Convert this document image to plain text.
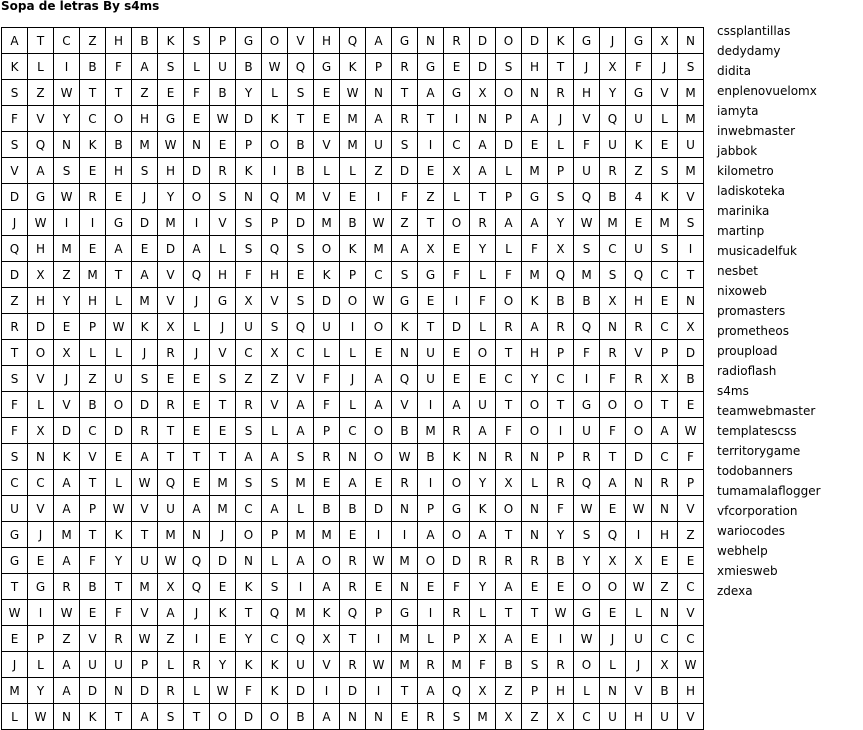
Sopa de letras By s4ms
A	T	C	Z	H	B	K	S	P	G	O	V	H	Q	A	G	N	R	D	O	D	K	G	J	G	X	N
K	L	I	B	F	A	S	L	U	B	W	Q	G	K	P	R	G	E	D	S	H	T	J	X	F	J	S
S	Z	W	T	T	Z	E	F	B	Y	L	S	E	W	N	T	A	G	X	O	N	R	H	Y	G	V	M
F	V	Y	C	O	H	G	E	W	D	K	T	E	M	A	R	T	I	N	P	A	J	V	Q	U	L	M
S	Q	N	K	B	M	W	N	E	P	O	B	V	M	U	S	I	C	A	D	E	L	F	U	K	E	U
V	A	S	E	H	S	H	D	R	K	I	B	L	L	Z	D	E	X	A	L	M	P	U	R	Z	S	M
D	G	W	R	E	J	Y	O	S	N	Q	M	V	E	I	F	Z	L	T	P	G	S	Q	B	4	K	V
J	W	I	I	G	D	M	I	V	S	P	D	M	B	W	Z	T	O	R	A	A	Y	W	M	E	M	S
Q	H	M	E	A	E	D	A	L	S	Q	S	O	K	M	A	X	E	Y	L	F	X	S	C	U	S	I
D	X	Z	M	T	A	V	Q	H	F	H	E	K	P	C	S	G	F	L	F	M	Q	M	S	Q	C	T
Z	H	Y	H	L	M	V	J	G	X	V	S	D	O	W	G	E	I	F	O	K	B	B	X	H	E	N
R	D	E	P	W	K	X	L	J	U	S	Q	U	I	O	K	T	D	L	R	A	R	Q	N	R	C	X
T	O	X	L	L	J	R	J	V	C	X	C	L	L	E	N	U	E	O	T	H	P	F	R	V	P	D
S	V	J	Z	U	S	E	E	S	Z	Z	V	F	J	A	Q	U	E	E	C	Y	C	I	F	R	X	B
F	L	V	B	O	D	R	E	T	R	V	A	F	L	A	V	I	A	U	T	O	T	G	O	O	T	E
F	X	D	C	D	R	T	E	E	S	L	A	P	C	O	B	M	R	A	F	O	I	U	F	O	A	W
S	N	K	V	E	A	T	T	T	A	A	S	R	N	O	W	B	K	N	R	N	P	R	T	D	C	F
C	C	A	T	L	W	Q	E	M	S	S	M	E	A	E	R	I	O	Y	X	L	R	Q	A	N	R	P
U	V	A	P	W	V	U	A	M	C	A	L	B	B	D	N	P	G	K	O	N	F	W	E	W	N	V
G	J	M	T	K	T	M	N	J	O	P	M	M	E	I	I	A	O	A	T	N	Y	S	Q	I	H	Z
G	E	A	F	Y	U	W	Q	D	N	L	A	O	R	W	M	O	D	R	R	R	B	Y	X	X	E	E
T	G	R	B	T	M	X	Q	E	K	S	I	A	R	E	N	E	F	Y	A	E	E	O	O	W	Z	C
W	I	W	E	F	V	A	J	K	T	Q	M	K	Q	P	G	I	R	L	T	T	W	G	E	L	N	V
E	P	Z	V	R	W	Z	I	E	Y	C	Q	X	T	I	M	L	P	X	A	E	I	W	J	U	C	C
J	L	A	U	U	P	L	R	Y	K	K	U	V	R	W	M	R	M	F	B	S	R	O	L	J	X	W
M	Y	A	D	N	D	R	L	W	F	K	D	I	D	I	T	A	Q	X	Z	P	H	L	N	V	B	H
L	W	N	K	T	A	S	T	O	D	O	B	A	N	N	E	R	S	M	X	Z	X	C	U	H	U	V
cssplantillas
dedydamy
didita
enplenovuelomx
iamyta
inwebmaster
jabbok
kilometro
ladiskoteka
marinika
martinp
musicadelfuk
nesbet
nixoweb
promasters
prometheos
proupload
radioflash
s4ms
teamwebmaster
templatescss
territorygame
todobanners
tumamalaflogger
vfcorporation
wariocodes
webhelp
xmiesweb
zdexa
